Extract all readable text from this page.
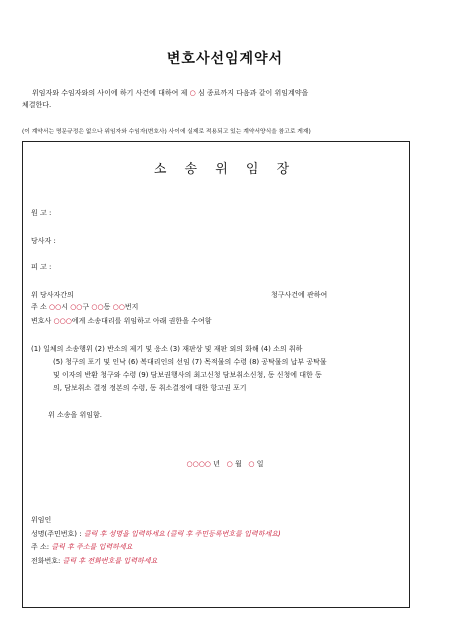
변호사선임계약서
위임자와 수임자와의 사이에 하기 사건에 대하여 제 ○ 심 종료까지 다음과 같이 위임계약을
체결한다.
(이 계약서는 명문규정은 없으나 위임자와 수임자(변호사) 사이에 실제로 적용되고 있는 계약서양식을 참고로 게재)
소 송 위 임 장
원 고 :
당사자 :
피 고 :
위 당사자간의	청구사건에 관하여
주 소 ○○시 ○○구 ○○동 ○○번지
변호사 ○○○에게 소송대리를 위임하고 아래 권한을 수여함
(1) 일체의 소송행위 (2) 반소의 제기 및 응소 (3) 재판상 및 재판 외의 화해 (4) 소의 취하
(5) 청구의 포기 및 인낙 (6) 복대리인의 선임 (7) 목적물의 수령 (8) 공탁물의 납부 공탁물
및 이자의 반환 청구와 수령 (9) 담보권행사의 최고신청 담보취소신청, 동 신청에 대한 동
의, 담보취소 결정 정본의 수령, 동 취소결정에 대한 항고권 포기
위 소송을 위임함.
○○○○ 년 ○ 월 ○ 일
위임인
성명(주민번호) : 클릭 후 성명을 입력하세요 (클릭 후 주민등록번호를 입력하세요)
주 소: 클릭 후 주소를 입력하세요
전화번호: 클릭 후 전화번호를 입력하세요
